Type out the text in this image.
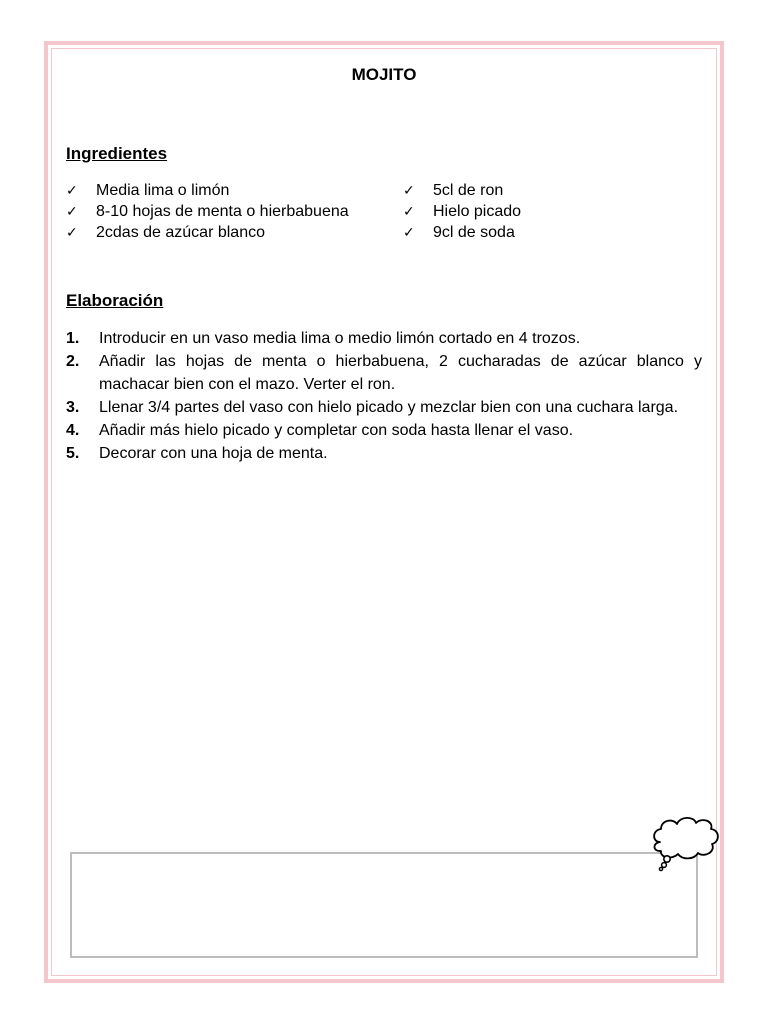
MOJITO
Ingredientes
✓ Media lima o limón
✓ 8-10 hojas de menta o hierbabuena
✓ 2cdas de azúcar blanco
✓ 5cl de ron
✓ Hielo picado
✓ 9cl de soda
Elaboración
1. Introducir en un vaso media lima o medio limón cortado en 4 trozos.
2. Añadir las hojas de menta o hierbabuena, 2 cucharadas de azúcar blanco y machacar bien con el mazo. Verter el ron.
3. Llenar 3/4 partes del vaso con hielo picado y mezclar bien con una cuchara larga.
4. Añadir más hielo picado y completar con soda hasta llenar el vaso.
5. Decorar con una hoja de menta.
